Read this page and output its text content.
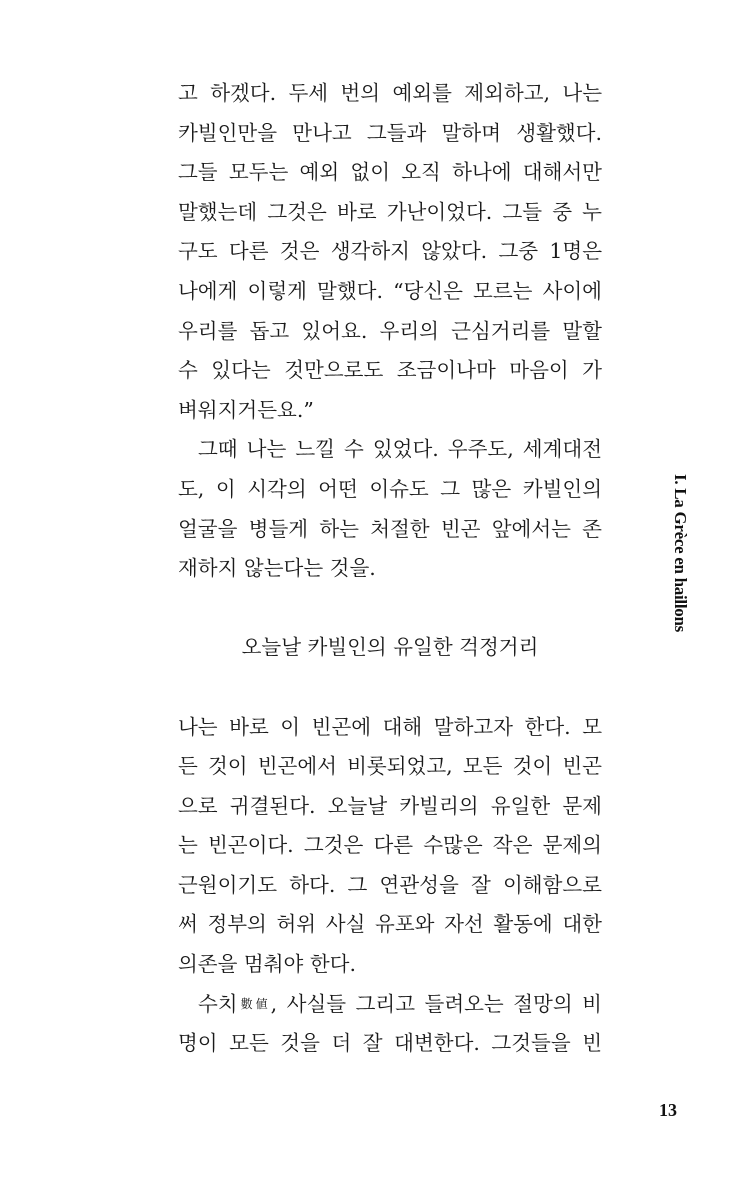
고 하겠다. 두세 번의 예외를 제외하고, 나는
카빌인만을 만나고 그들과 말하며 생활했다.
그들 모두는 예외 없이 오직 하나에 대해서만
말했는데 그것은 바로 가난이었다. 그들 중 누
구도 다른 것은 생각하지 않았다. 그중 1명은
나에게 이렇게 말했다. “당신은 모르는 사이에
우리를 돕고 있어요. 우리의 근심거리를 말할
수 있다는 것만으로도 조금이나마 마음이 가
벼워지거든요.”
그때 나는 느낄 수 있었다. 우주도, 세계대전
도, 이 시각의 어떤 이슈도 그 많은 카빌인의
얼굴을 병들게 하는 처절한 빈곤 앞에서는 존
재하지 않는다는 것을.
오늘날 카빌인의 유일한 걱정거리
나는 바로 이 빈곤에 대해 말하고자 한다. 모
든 것이 빈곤에서 비롯되었고, 모든 것이 빈곤
으로 귀결된다. 오늘날 카빌리의 유일한 문제
는 빈곤이다. 그것은 다른 수많은 작은 문제의
근원이기도 하다. 그 연관성을 잘 이해함으로
써 정부의 허위 사실 유포와 자선 활동에 대한
의존을 멈춰야 한다.
수치數値, 사실들 그리고 들려오는 절망의 비
명이 모든 것을 더 잘 대변한다. 그것들을 빈
I. La Grèce en haillons
13
